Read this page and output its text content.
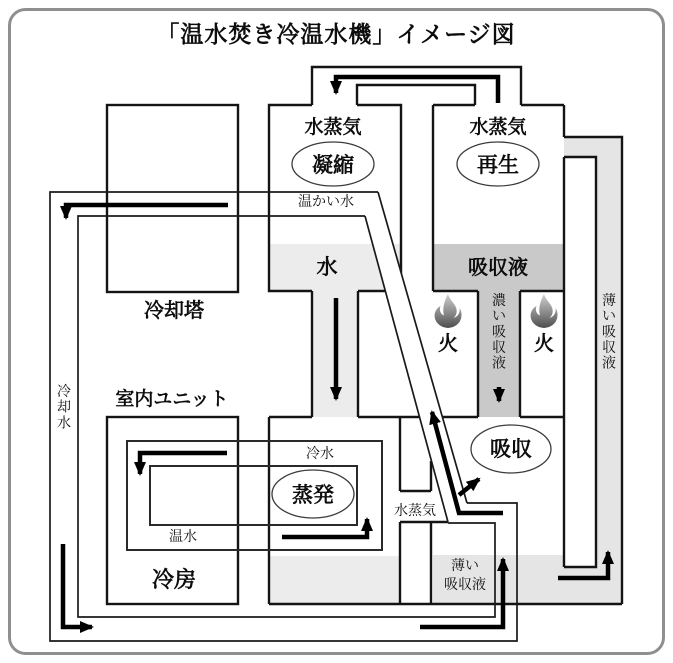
「温水焚き冷温水機」イメージ図
水蒸気	水蒸気
凝縮	再生
温かい水
水	吸収液
冷却塔
火	火
濃い吸収液
薄い吸収液
冷却水
室内ユニット
冷水
蒸発
吸収
水蒸気
温水
冷房
薄い
吸収液
